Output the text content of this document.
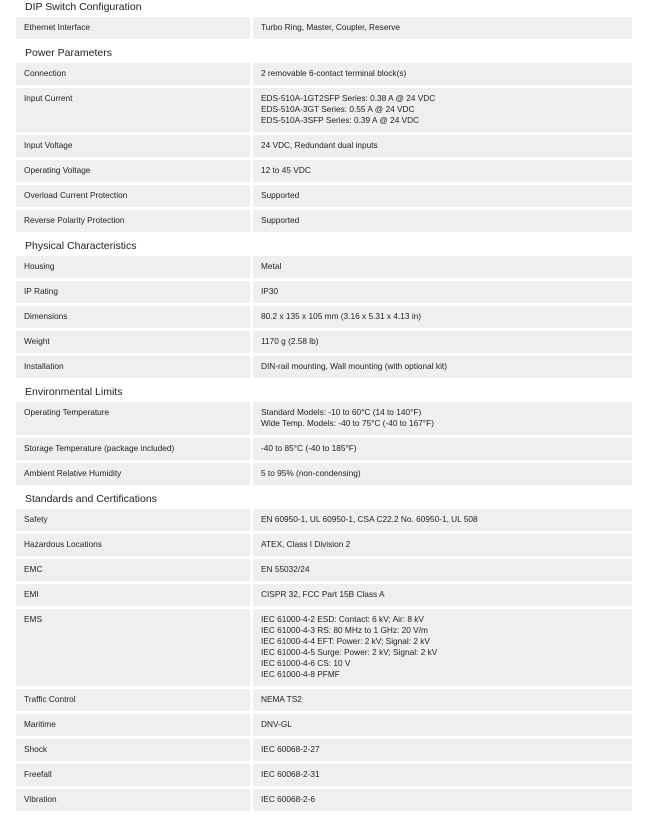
DIP Switch Configuration
Ethernet Interface	Turbo Ring, Master, Coupler, Reserve
Power Parameters
Connection	2 removable 6-contact terminal block(s)
Input Current	EDS-510A-1GT2SFP Series: 0.38 A @ 24 VDC
EDS-510A-3GT Series: 0.55 A @ 24 VDC
EDS-510A-3SFP Series: 0.39 A @ 24 VDC
Input Voltage	24 VDC, Redundant dual inputs
Operating Voltage	12 to 45 VDC
Overload Current Protection	Supported
Reverse Polarity Protection	Supported
Physical Characteristics
Housing	Metal
IP Rating	IP30
Dimensions	80.2 x 135 x 105 mm (3.16 x 5.31 x 4.13 in)
Weight	1170 g (2.58 lb)
Installation	DIN-rail mounting, Wall mounting (with optional kit)
Environmental Limits
Operating Temperature	Standard Models: -10 to 60°C (14 to 140°F)
Wide Temp. Models: -40 to 75°C (-40 to 167°F)
Storage Temperature (package included)	-40 to 85°C (-40 to 185°F)
Ambient Relative Humidity	5 to 95% (non-condensing)
Standards and Certifications
Safety	EN 60950-1, UL 60950-1, CSA C22.2 No. 60950-1, UL 508
Hazardous Locations	ATEX, Class I Division 2
EMC	EN 55032/24
EMI	CISPR 32, FCC Part 15B Class A
EMS	IEC 61000-4-2 ESD: Contact: 6 kV; Air: 8 kV
IEC 61000-4-3 RS: 80 MHz to 1 GHz: 20 V/m
IEC 61000-4-4 EFT: Power: 2 kV; Signal: 2 kV
IEC 61000-4-5 Surge: Power: 2 kV; Signal: 2 kV
IEC 61000-4-6 CS: 10 V
IEC 61000-4-8 PFMF
Traffic Control	NEMA TS2
Maritime	DNV-GL
Shock	IEC 60068-2-27
Freefall	IEC 60068-2-31
Vibration	IEC 60068-2-6
